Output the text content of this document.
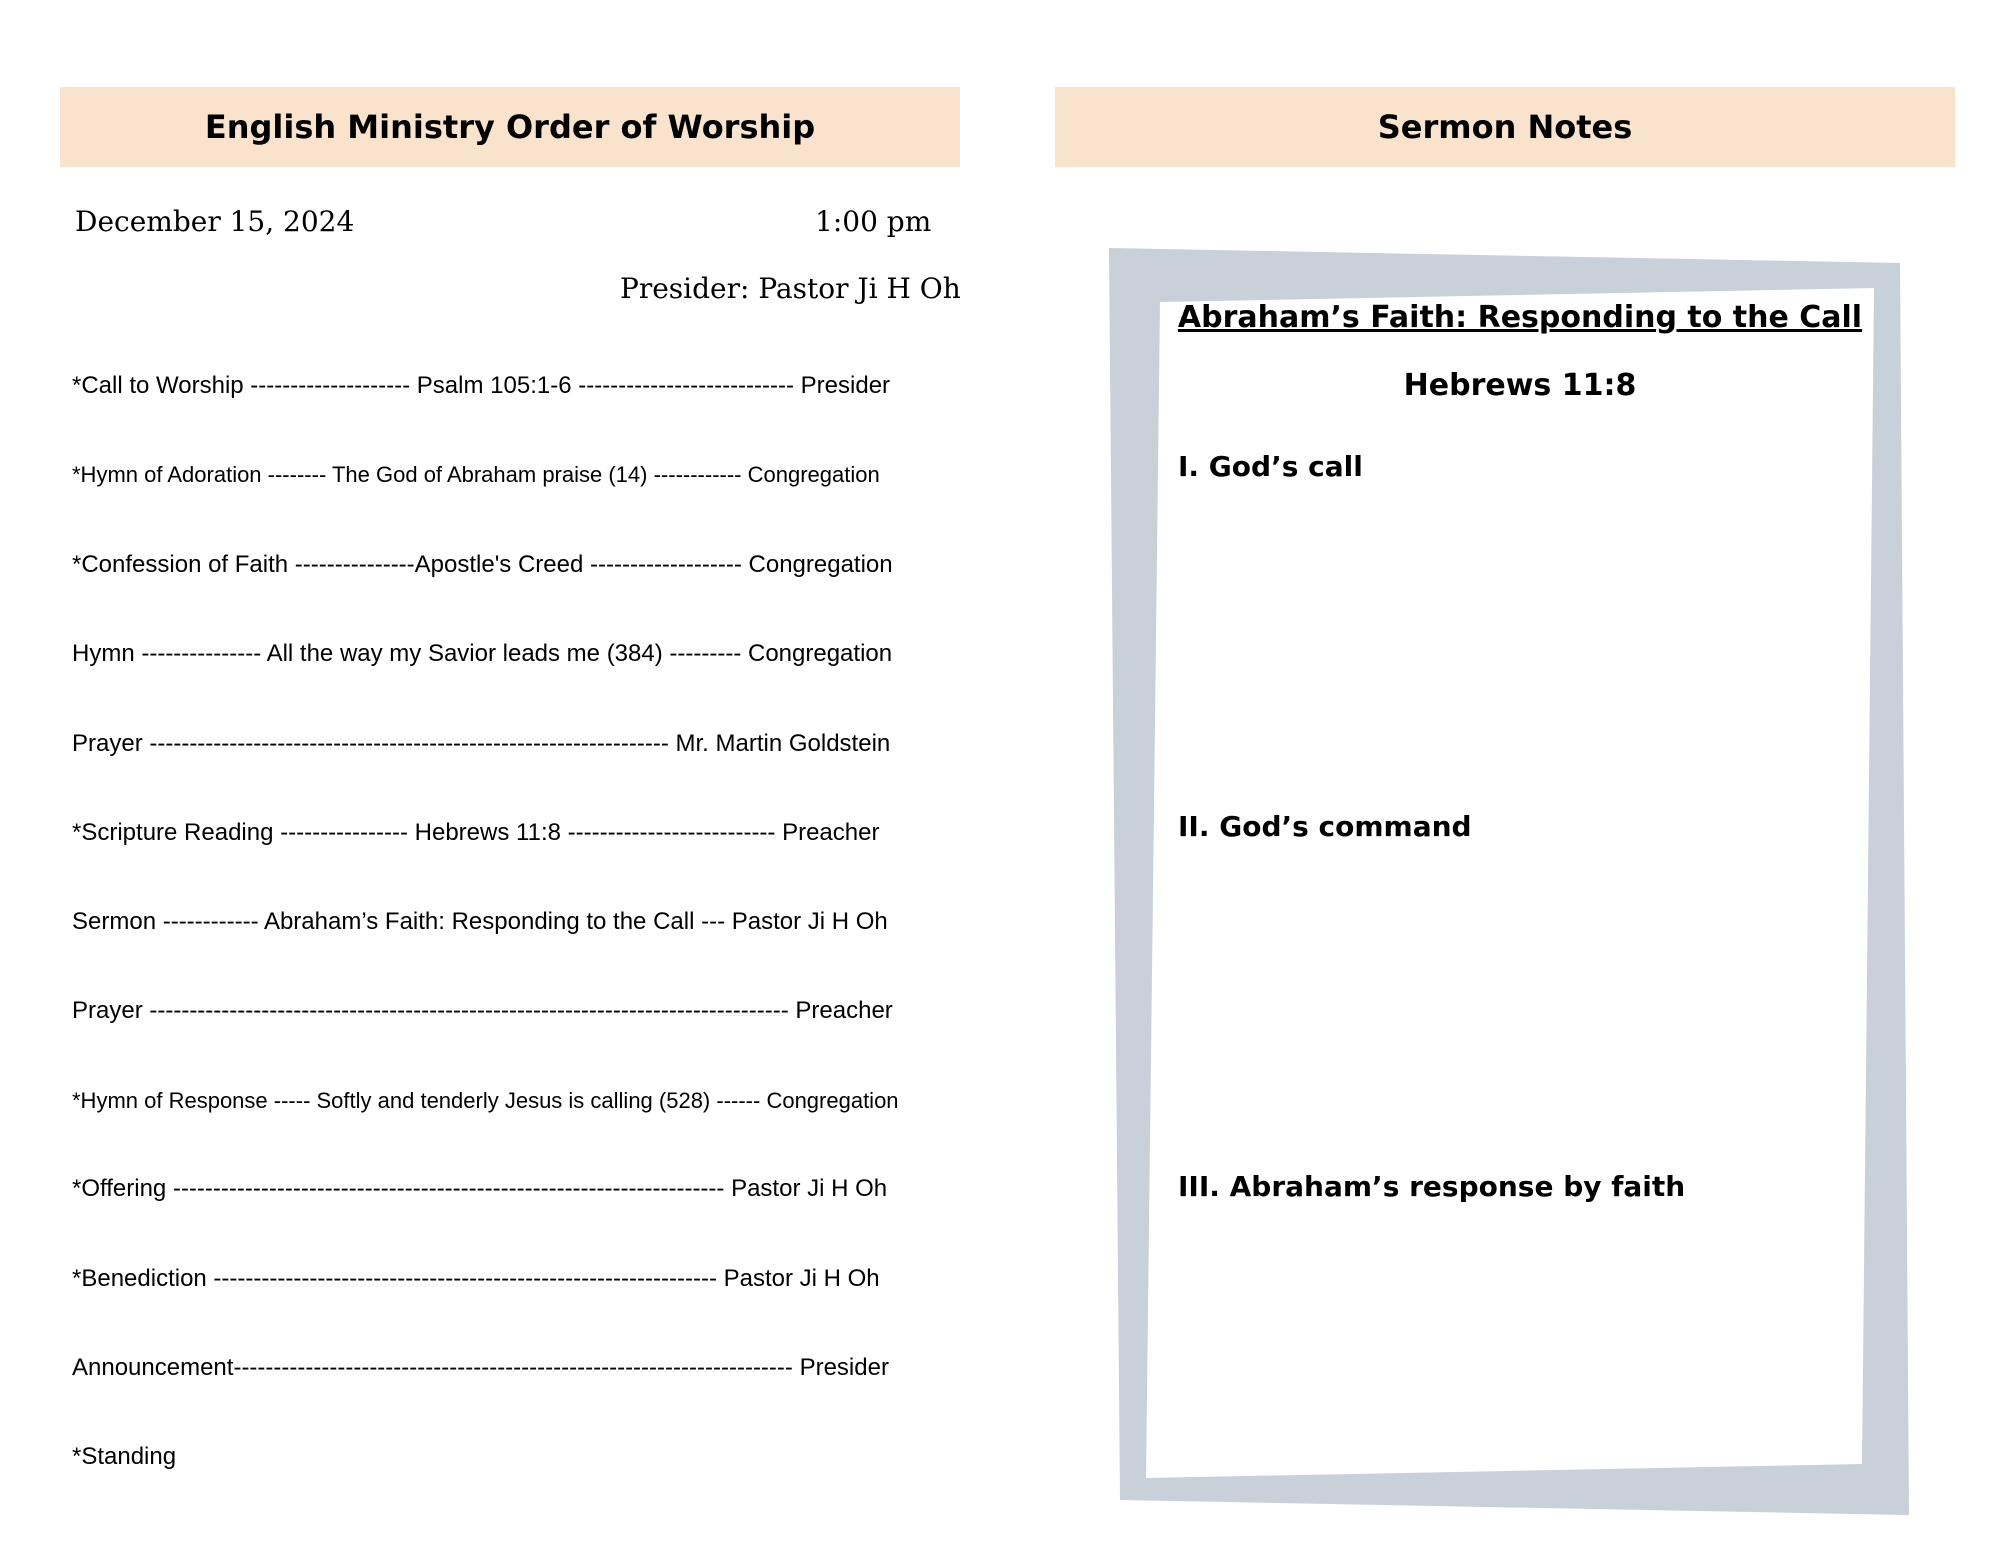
English Ministry Order of Worship	Sermon Notes
December 15, 2024	1:00 pm
Presider: Pastor Ji H Oh
*Call to Worship -------------------- Psalm 105:1-6 --------------------------- Presider
*Hymn of Adoration -------- The God of Abraham praise (14) ------------ Congregation
*Confession of Faith ---------------Apostle's Creed ------------------- Congregation
Hymn --------------- All the way my Savior leads me (384) --------- Congregation
Prayer ----------------------------------------------------------------- Mr. Martin Goldstein
*Scripture Reading ---------------- Hebrews 11:8 -------------------------- Preacher
Sermon ------------ Abraham’s Faith: Responding to the Call --- Pastor Ji H Oh
Prayer -------------------------------------------------------------------------------- Preacher
*Hymn of Response ----- Softly and tenderly Jesus is calling (528) ------ Congregation
*Offering --------------------------------------------------------------------- Pastor Ji H Oh
*Benediction --------------------------------------------------------------- Pastor Ji H Oh
Announcement---------------------------------------------------------------------- Presider
*Standing
Abraham’s Faith: Responding to the Call
Hebrews 11:8
I. God’s call
II. God’s command
III. Abraham’s response by faith
